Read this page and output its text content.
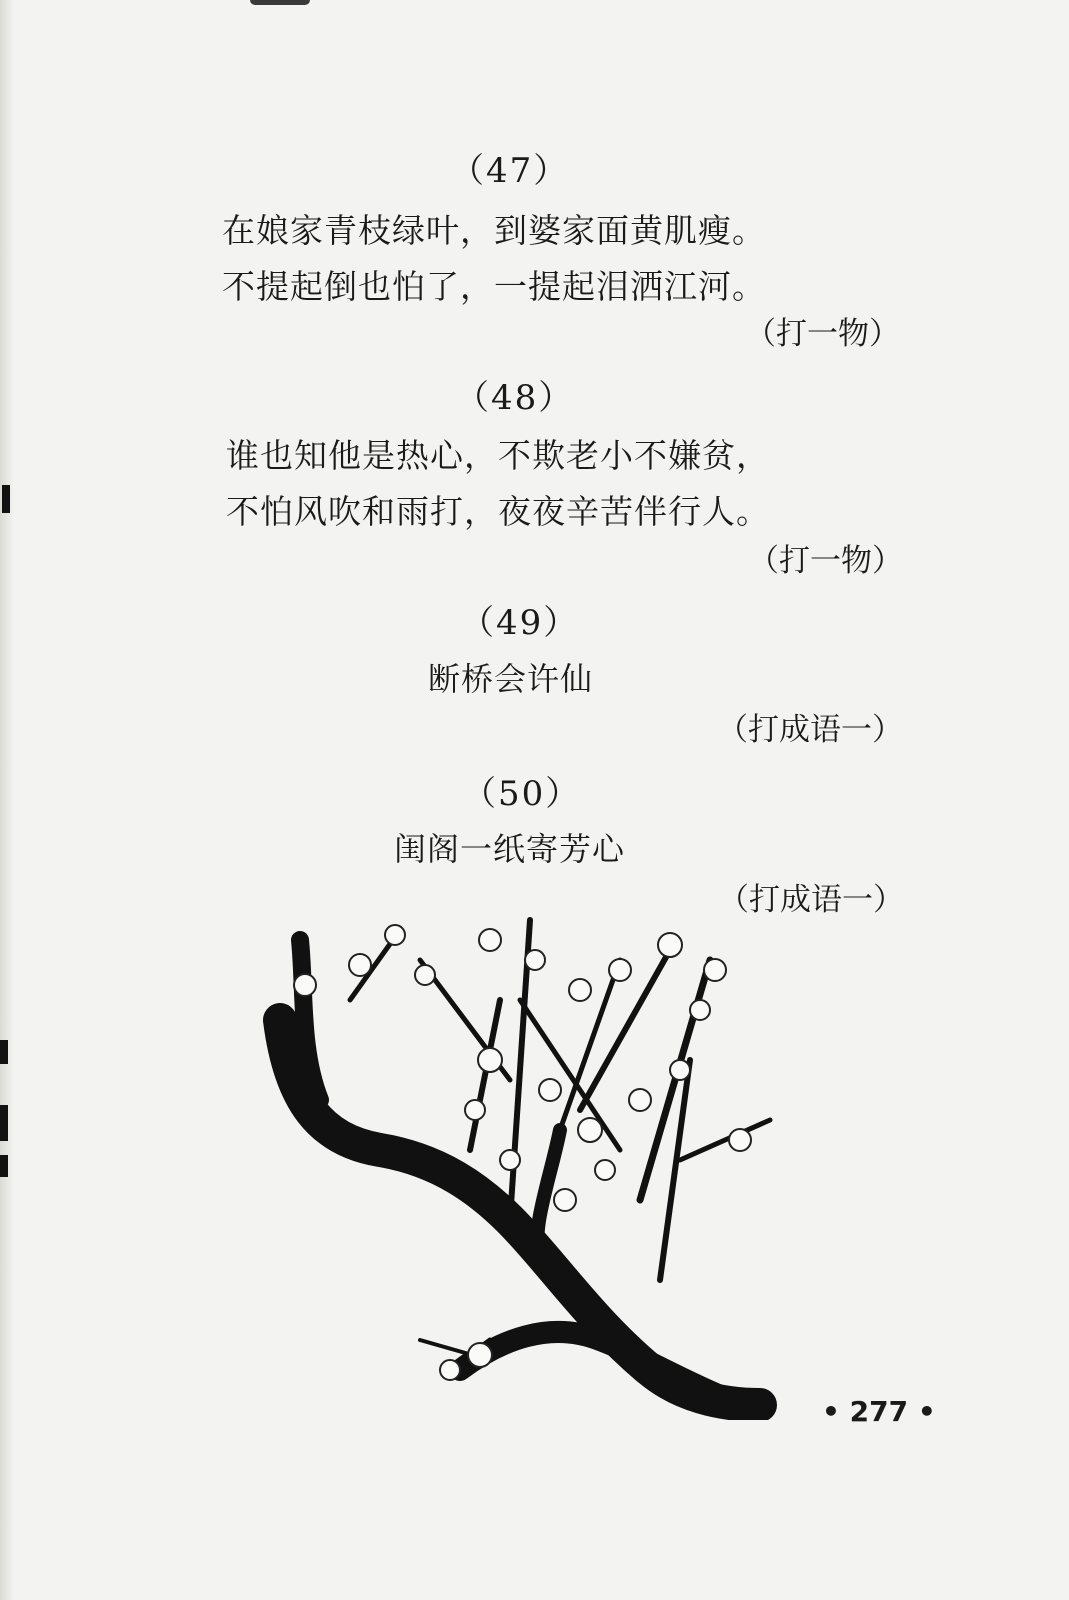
（47）
在娘家青枝绿叶，到婆家面黄肌瘦。
不提起倒也怕了，一提起泪洒江河。
（打一物）
（48）
谁也知他是热心，不欺老小不嫌贫，
不怕风吹和雨打，夜夜辛苦伴行人。
（打一物）
（49）
断桥会许仙
（打成语一）
（50）
闺阁一纸寄芳心
（打成语一）
• 277 •
